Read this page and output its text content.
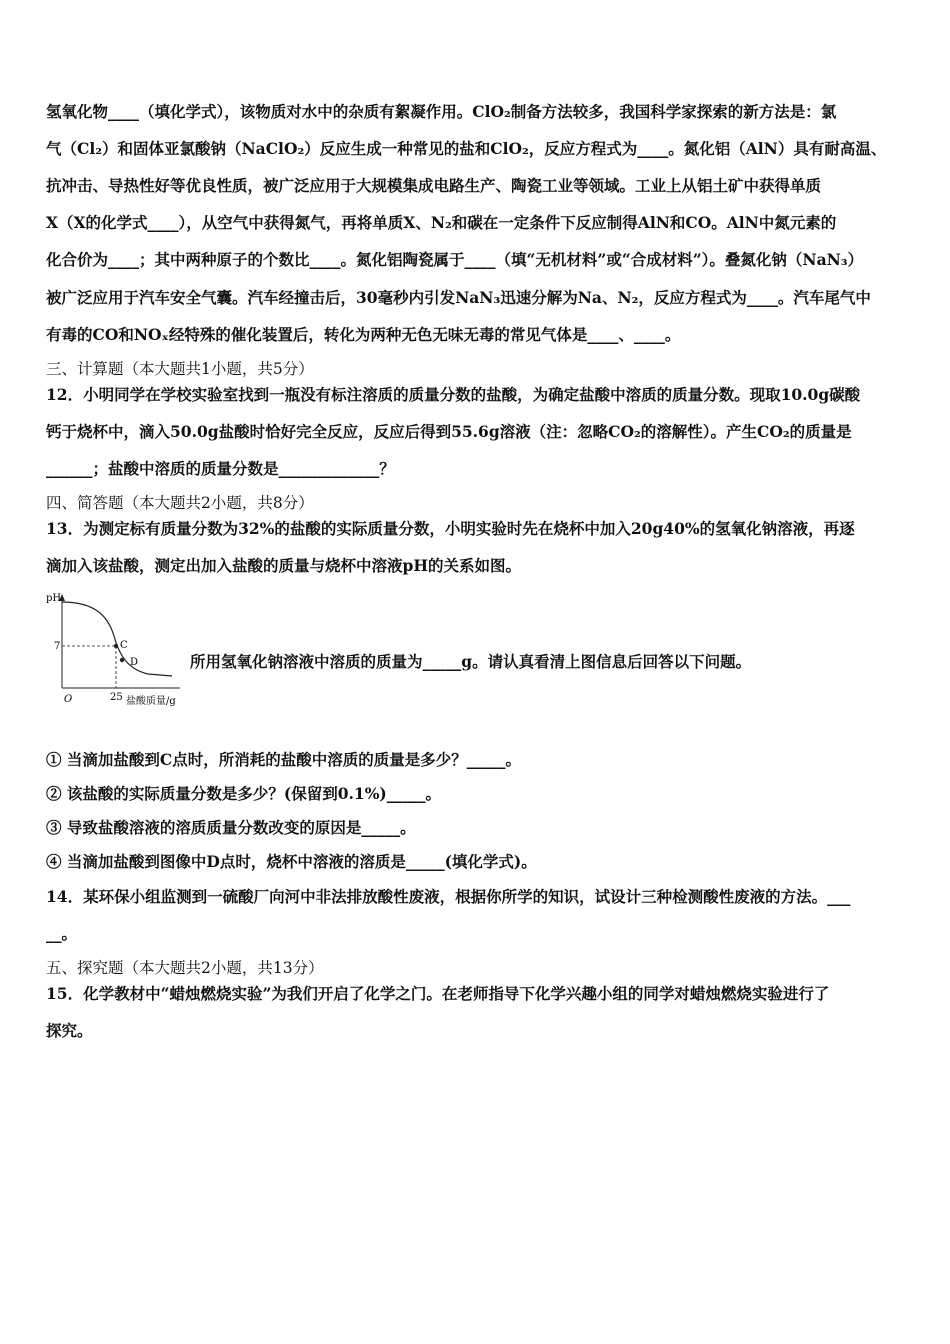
氢氧化物____（填化学式），该物质对水中的杂质有絮凝作用。ClO₂制备方法较多，我国科学家探索的新方法是：氯
气（Cl₂）和固体亚氯酸钠（NaClO₂）反应生成一种常见的盐和ClO₂，反应方程式为____。氮化铝（AlN）具有耐高温、
抗冲击、导热性好等优良性质，被广泛应用于大规模集成电路生产、陶瓷工业等领域。工业上从铝土矿中获得单质
X（X的化学式____），从空气中获得氮气，再将单质X、N₂和碳在一定条件下反应制得AlN和CO。AlN中氮元素的
化合价为____；其中两种原子的个数比____。氮化铝陶瓷属于____（填“无机材料”或“合成材料”）。叠氮化钠（NaN₃）
被广泛应用于汽车安全气囊。汽车经撞击后，30毫秒内引发NaN₃迅速分解为Na、N₂，反应方程式为____。汽车尾气中
有毒的CO和NOₓ经特殊的催化装置后，转化为两种无色无味无毒的常见气体是____、____。
三、计算题（本大题共1小题，共5分）
12．小明同学在学校实验室找到一瓶没有标注溶质的质量分数的盐酸，为确定盐酸中溶质的质量分数。现取10.0g碳酸
钙于烧杯中，滴入50.0g盐酸时恰好完全反应，反应后得到55.6g溶液（注：忽略CO₂的溶解性）。产生CO₂的质量是
______；盐酸中溶质的质量分数是_____________？
四、简答题（本大题共2小题，共8分）
13．为测定标有质量分数为32%的盐酸的实际质量分数，小明实验时先在烧杯中加入20g40%的氢氧化钠溶液，再逐
滴加入该盐酸，测定出加入盐酸的质量与烧杯中溶液pH的关系如图。
pH
O	25 盐酸质量/g
7	C
D	所用氢氧化钠溶液中溶质的质量为_____g。请认真看清上图信息后回答以下问题。
① 当滴加盐酸到C点时，所消耗的盐酸中溶质的质量是多少？_____。
② 该盐酸的实际质量分数是多少？(保留到0.1%)_____。
③ 导致盐酸溶液的溶质质量分数改变的原因是_____。
④ 当滴加盐酸到图像中D点时，烧杯中溶液的溶质是_____(填化学式)。
14．某环保小组监测到一硫酸厂向河中非法排放酸性废液，根据你所学的知识，试设计三种检测酸性废液的方法。___
__。
五、探究题（本大题共2小题，共13分）
15．化学教材中“蜡烛燃烧实验”为我们开启了化学之门。在老师指导下化学兴趣小组的同学对蜡烛燃烧实验进行了
探究。
